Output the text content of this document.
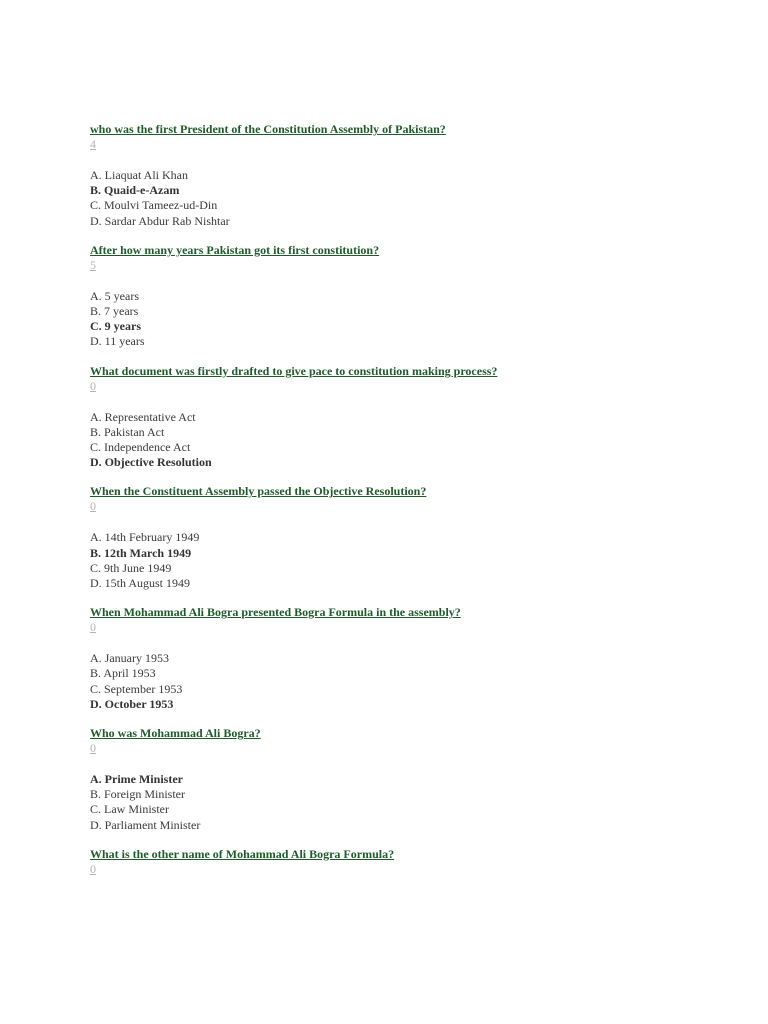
who was the first President of the Constitution Assembly of Pakistan?
4
A. Liaquat Ali Khan
B. Quaid-e-Azam
C. Moulvi Tameez-ud-Din
D. Sardar Abdur Rab Nishtar
After how many years Pakistan got its first constitution?
5
A. 5 years
B. 7 years
C. 9 years
D. 11 years
What document was firstly drafted to give pace to constitution making process?
0
A. Representative Act
B. Pakistan Act
C. Independence Act
D. Objective Resolution
When the Constituent Assembly passed the Objective Resolution?
0
A. 14th February 1949
B. 12th March 1949
C. 9th June 1949
D. 15th August 1949
When Mohammad Ali Bogra presented Bogra Formula in the assembly?
0
A. January 1953
B. April 1953
C. September 1953
D. October 1953
Who was Mohammad Ali Bogra?
0
A. Prime Minister
B. Foreign Minister
C. Law Minister
D. Parliament Minister
What is the other name of Mohammad Ali Bogra Formula?
0
